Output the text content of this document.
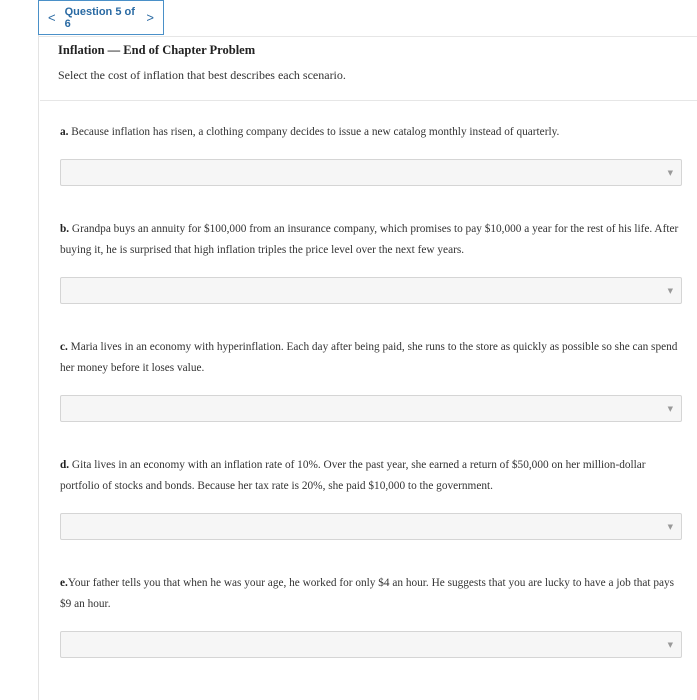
< Question 5 of 6	>
Inflation — End of Chapter Problem
Select the cost of inflation that best describes each scenario.
a. Because inflation has risen, a clothing company decides to issue a new catalog monthly instead of quarterly.
▼
b. Grandpa buys an annuity for $100,000 from an insurance company, which promises to pay $10,000 a year for the rest of his life. After buying it, he is surprised that high inflation triples the price level over the next few years.
▼
c. Maria lives in an economy with hyperinflation. Each day after being paid, she runs to the store as quickly as possible so she can spend her money before it loses value.
▼
d. Gita lives in an economy with an inflation rate of 10%. Over the past year, she earned a return of $50,000 on her million-dollar portfolio of stocks and bonds. Because her tax rate is 20%, she paid $10,000 to the government.
▼
e.Your father tells you that when he was your age, he worked for only $4 an hour. He suggests that you are lucky to have a job that pays $9 an hour.
▼
